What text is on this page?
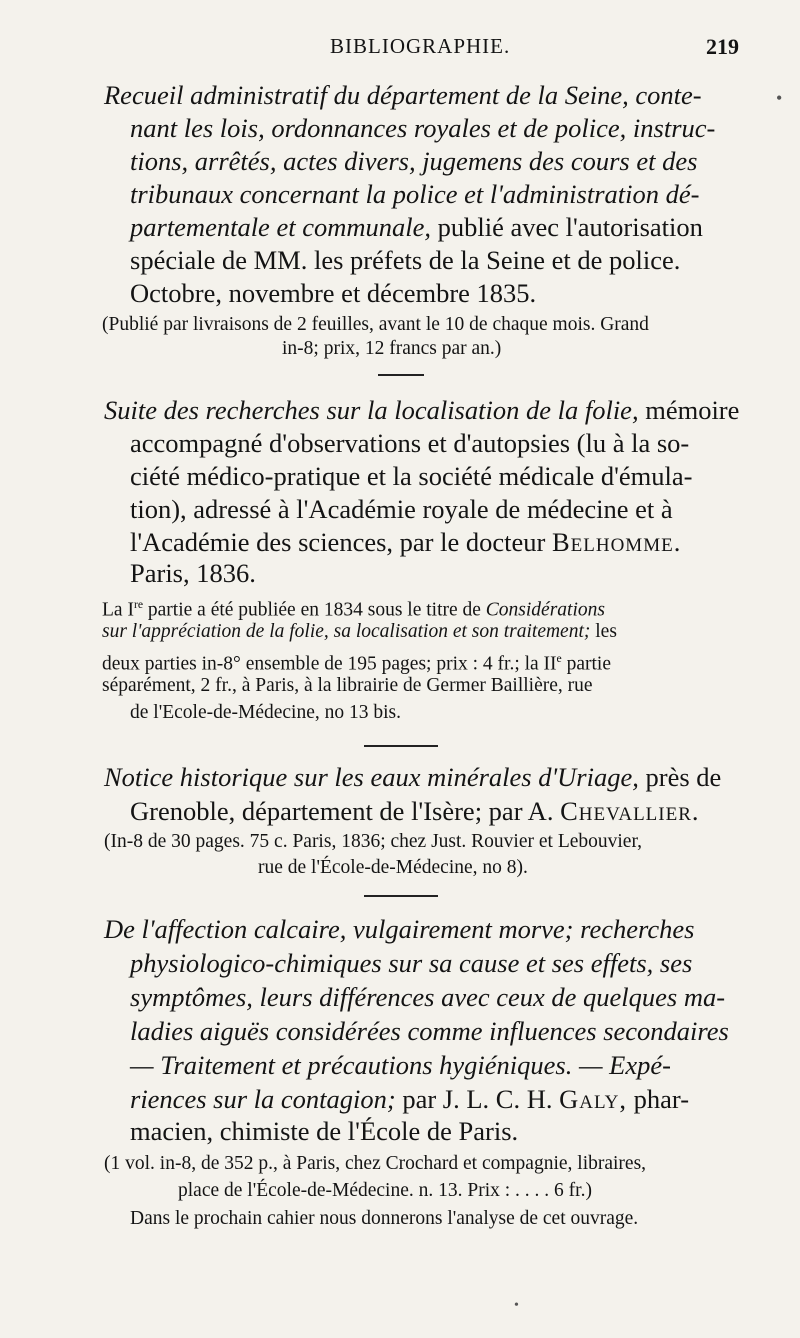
BIBLIOGRAPHIE.	219
•
Recueil administratif du département de la Seine, conte-
nant les lois, ordonnances royales et de police, instruc-
tions, arrêtés, actes divers, jugemens des cours et des
tribunaux concernant la police et l'administration dé-
partementale et communale, publié avec l'autorisation
spéciale de MM. les préfets de la Seine et de police.
Octobre, novembre et décembre 1835.
(Publié par livraisons de 2 feuilles, avant le 10 de chaque mois. Grand
in-8; prix, 12 francs par an.)
Suite des recherches sur la localisation de la folie, mémoire
accompagné d'observations et d'autopsies (lu à la so-
ciété médico-pratique et la société médicale d'émula-
tion), adressé à l'Académie royale de médecine et à
l'Académie des sciences, par le docteur Belhomme.
Paris, 1836.
La Ire partie a été publiée en 1834 sous le titre de Considérations
sur l'appréciation de la folie, sa localisation et son traitement; les
deux parties in-8° ensemble de 195 pages; prix : 4 fr.; la IIe partie
séparément, 2 fr., à Paris, à la librairie de Germer Baillière, rue
de l'Ecole-de-Médecine, no 13 bis.
Notice historique sur les eaux minérales d'Uriage, près de
Grenoble, département de l'Isère; par A. Chevallier.
(In-8 de 30 pages. 75 c. Paris, 1836; chez Just. Rouvier et Lebouvier,
rue de l'École-de-Médecine, no 8).
De l'affection calcaire, vulgairement morve; recherches
physiologico-chimiques sur sa cause et ses effets, ses
symptômes, leurs différences avec ceux de quelques ma-
ladies aiguës considérées comme influences secondaires
— Traitement et précautions hygiéniques. — Expé-
riences sur la contagion; par J. L. C. H. Galy, phar-
macien, chimiste de l'École de Paris.
(1 vol. in-8, de 352 p., à Paris, chez Crochard et compagnie, libraires,
place de l'École-de-Médecine. n. 13. Prix : . . . . 6 fr.)
Dans le prochain cahier nous donnerons l'analyse de cet ouvrage.
•
